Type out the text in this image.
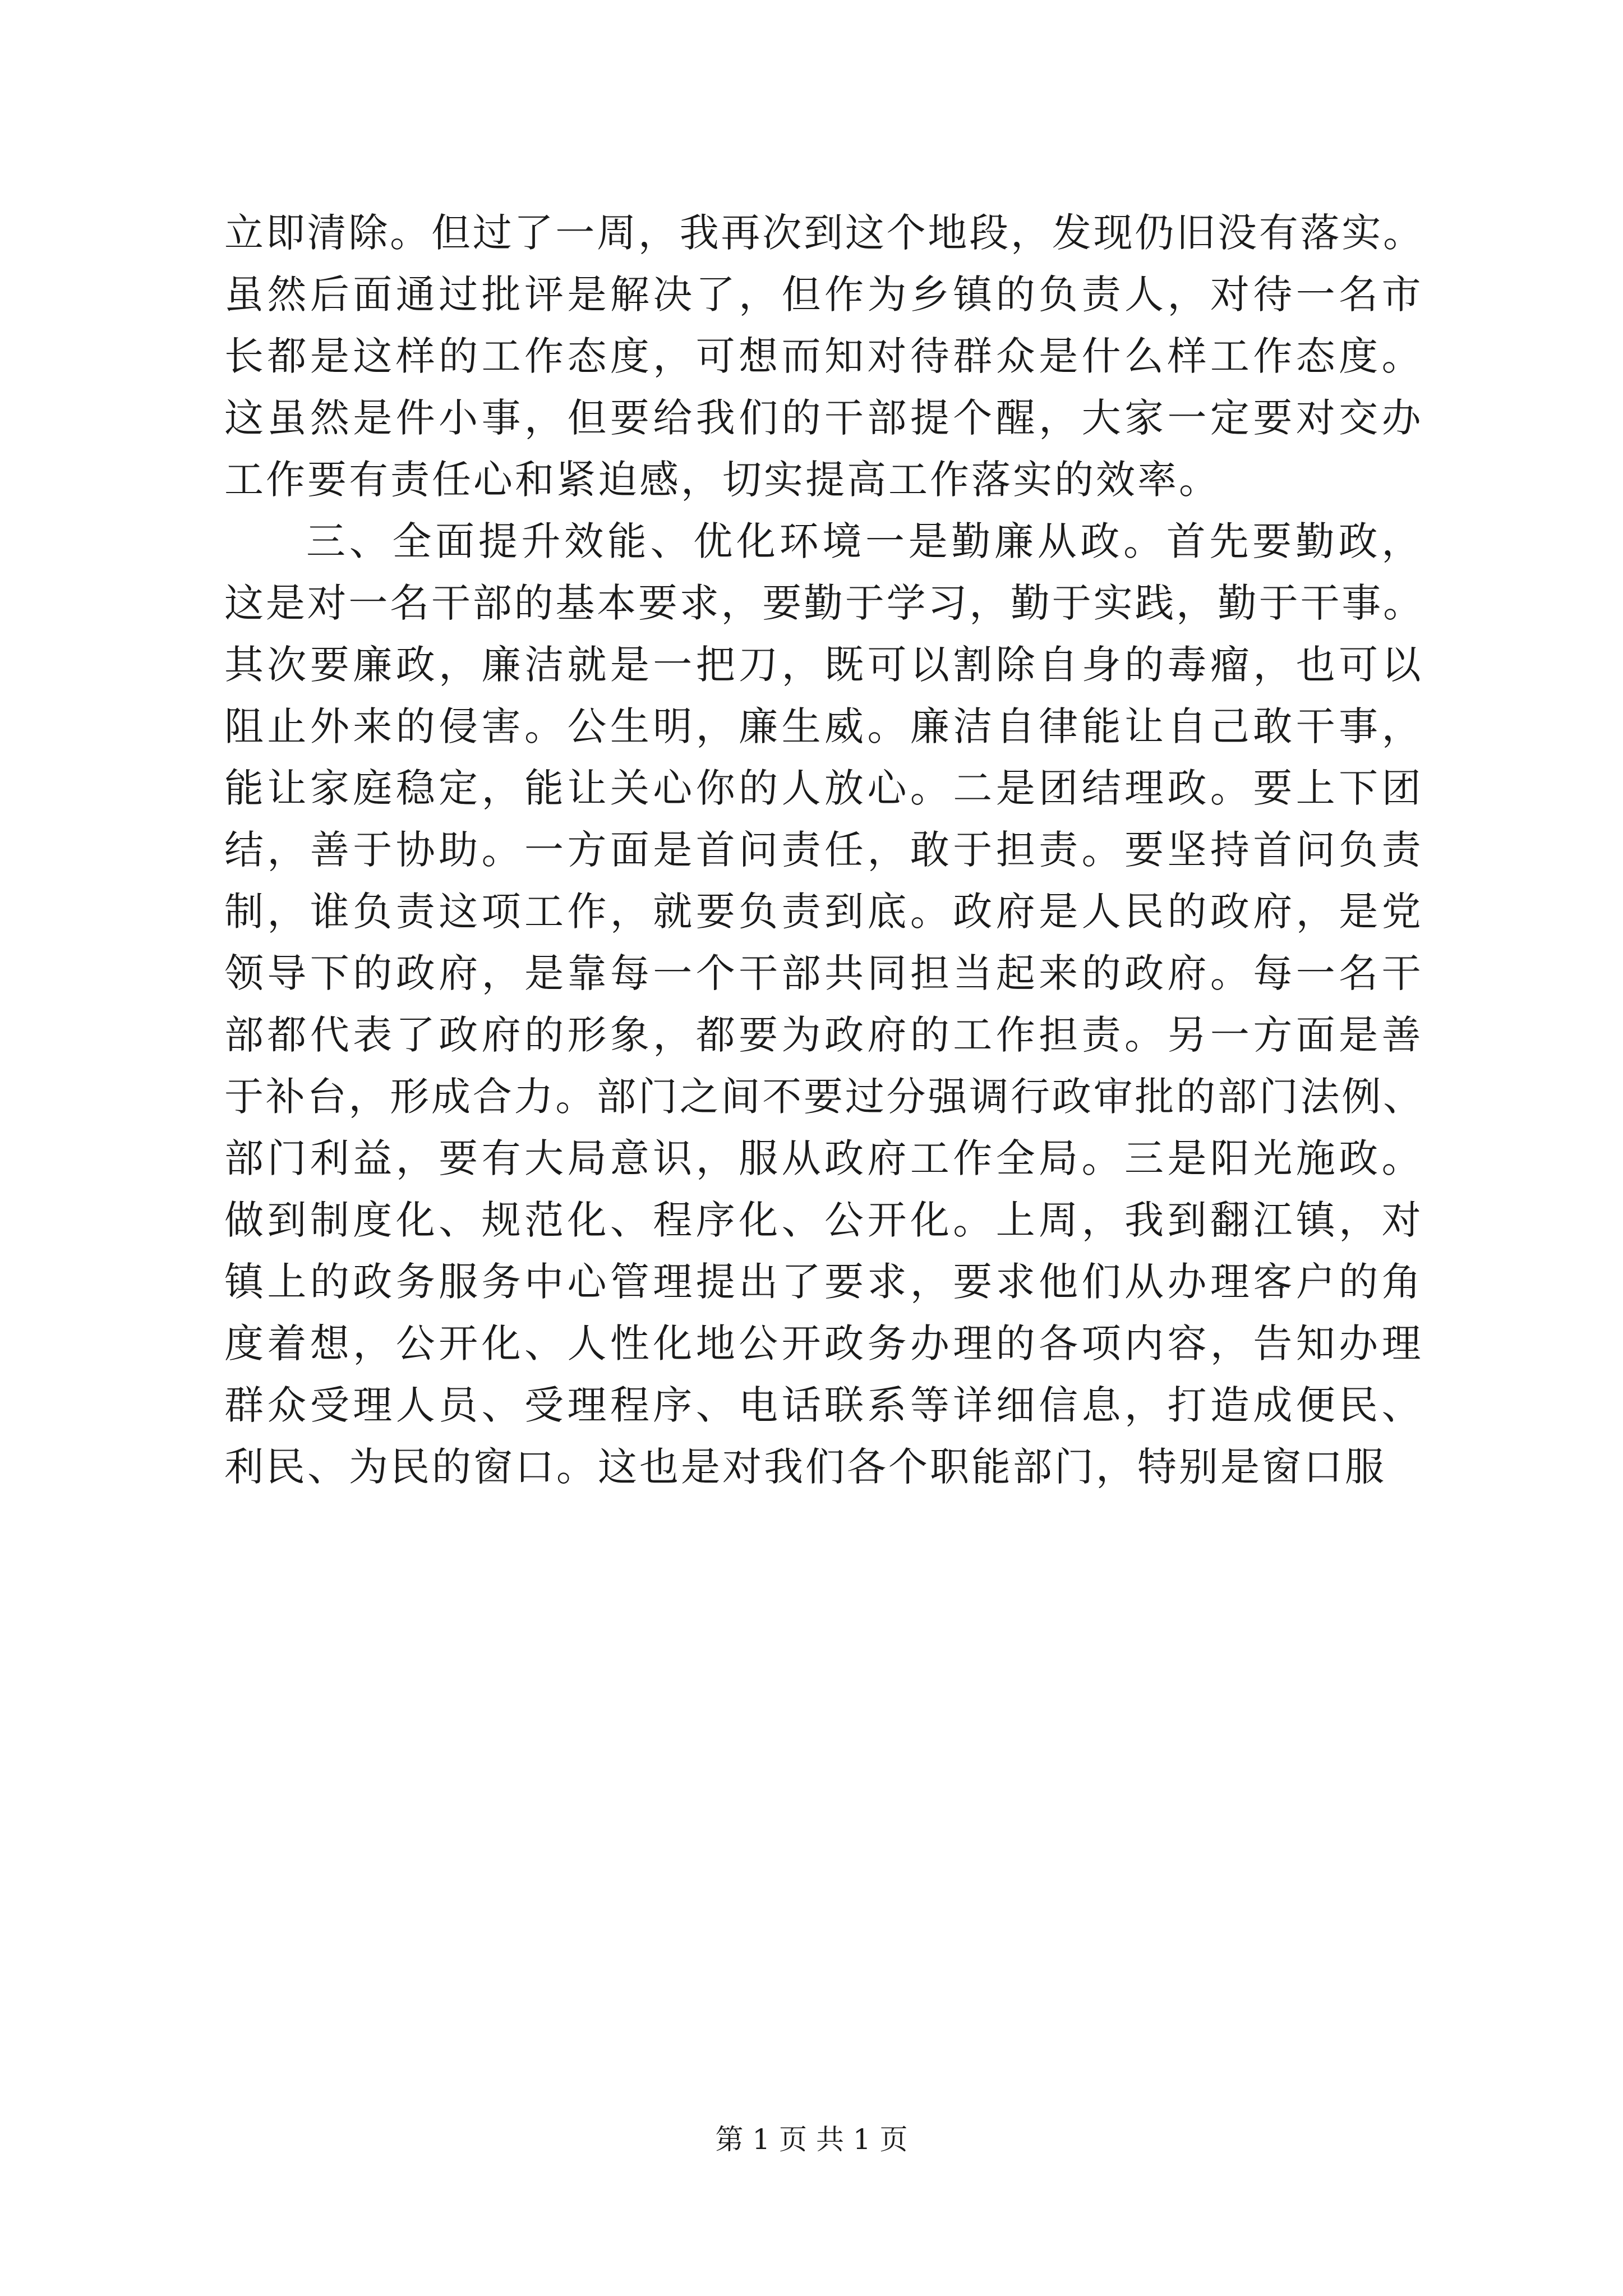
立即清除。但过了一周，我再次到这个地段，发现仍旧没有落实。
虽然后面通过批评是解决了，但作为乡镇的负责人，对待一名市
长都是这样的工作态度，可想而知对待群众是什么样工作态度。
这虽然是件小事，但要给我们的干部提个醒，大家一定要对交办
工作要有责任心和紧迫感，切实提高工作落实的效率。

三、全面提升效能、优化环境一是勤廉从政。首先要勤政，
这是对一名干部的基本要求，要勤于学习，勤于实践，勤于干事。
其次要廉政，廉洁就是一把刀，既可以割除自身的毒瘤，也可以
阻止外来的侵害。公生明，廉生威。廉洁自律能让自己敢干事，
能让家庭稳定，能让关心你的人放心。二是团结理政。要上下团
结，善于协助。一方面是首问责任，敢于担责。要坚持首问负责
制，谁负责这项工作，就要负责到底。政府是人民的政府，是党
领导下的政府，是靠每一个干部共同担当起来的政府。每一名干
部都代表了政府的形象，都要为政府的工作担责。另一方面是善
于补台，形成合力。部门之间不要过分强调行政审批的部门法例、
部门利益，要有大局意识，服从政府工作全局。三是阳光施政。
做到制度化、规范化、程序化、公开化。上周，我到翻江镇，对
镇上的政务服务中心管理提出了要求，要求他们从办理客户的角
度着想，公开化、人性化地公开政务办理的各项内容，告知办理
群众受理人员、受理程序、电话联系等详细信息，打造成便民、
利民、为民的窗口。这也是对我们各个职能部门，特别是窗口服

第 1 页 共 1 页
